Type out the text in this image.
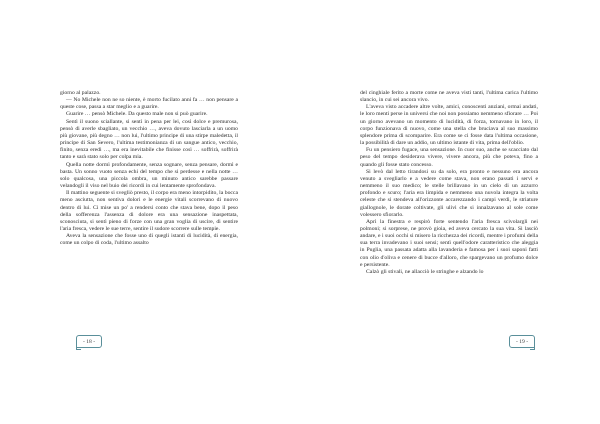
giorno al palazzo.

— No Michele non ne so niente, è morto fucilato anni fa … non pensare a queste cose, passa a star meglio e a guarire.

Guarire … pensò Michele. Da questo male non si può guarire.

Sentì il suono sciallante, si sentì in pena per lei, così dolce e premurosa, pensò di averle sbagliato, un vecchio …, aveva dovuto lasciarla a un uomo più giovane, più degno … non lui, l'ultimo principe di una stirpe maledetta, il principe di San Severo, l'ultima testimonianza di un sangue antico, vecchio, finito, senza eredi …, ma era inevitabile che finisse così … soffrirà, soffrirà tanto e sarà stato solo per colpa mia.

Quella notte dormì profondamente, senza sognare, senza pensare, dormì e basta. Un sonno vuoto senza echi del tempo che si perdesse e nella notte … solo qualcosa, una piccola ombra, un minuto antico sarebbe passare velandogli il viso nel buio dei ricordi in cui lentamente sprofondava.

Il mattino seguente si svegliò presto, il corpo era meno intorpidito, la bocca meno asciutta, non sentiva dolori e le energie vitali scorrevano di nuovo dentro di lui. Ci mise un po' a rendersi conto che stava bene, dopo il peso della sofferenza l'assenza di dolore era una sensazione inaspettata, sconosciuta, si sentì pieno di forze con una gran voglia di uscire, di sentire l'aria fresca, vedere le sue terre, sentire il sudore scorrere sulle tempie.

Aveva la sensazione che fosse uno di quegli istanti di lucidità, di energia, come un colpo di coda, l'ultimo assalto

- 18 -

del cinghiale ferito a morte come ne aveva visti tanti, l'ultima carica l'ultimo slancio, in cui sei ancora vivo.

L'aveva visto accadere altre volte, amici, conoscenti anziani, ormai andati, le loro menti perse in universi che noi non possiamo nemmeno sfiorare … Poi un giorno avevano un momento di lucidità, di forza, tornavano in loro, il corpo funzionava di nuovo, come una stella che bruciava al suo massimo splendore prima di scomparire. Era come se ci fosse data l'ultima occasione, la possibilità di dare un addio, un ultimo istante di vita, prima dell'oblio.

Fu un pensiero fugace, una sensazione. In cuor suo, anche se scacciato dal peso del tempo desiderava vivere, vivere ancora, più che poteva, fino a quando gli fosse stato concesso.

Si levò dal letto tirandosi su da solo, era pronto e nessuno era ancora venuto a svegliarlo e a vedere come stava, non erano passati i servi e nemmeno il suo medico; le stelle brillavano in un cielo di un azzurro profondo e scuro; l'aria era limpida e nemmeno una nuvola integra la volta celeste che si stendeva all'orizzonte accarezzando i campi verdi, le striature giallognole, le dorate coltivate, gli ulivi che si innalzavano al sole come volessero sfiorarlo.

Aprì la finestra e respirò forte sentendo l'aria fresca scivolargli nei polmoni; si sorprese, ne provò gioia, ed aveva cercato la sua vita. Si lasciò andare, e i suoi occhi si misero la ricchezza dei ricordi, mentre i profumi della sua terra invadevano i suoi sensi; sentì quell'odore caratteristico che aleggia in Puglia, una passata adatta alla lavanderia e famosa per i suoi saponi fatti con olio d'oliva e cenere di bucce d'alloro, che spargevano un profumo dolce e persistente.

Calzò gli stivali, ne allacciò le stringhe e alzando lo

- 19 -
